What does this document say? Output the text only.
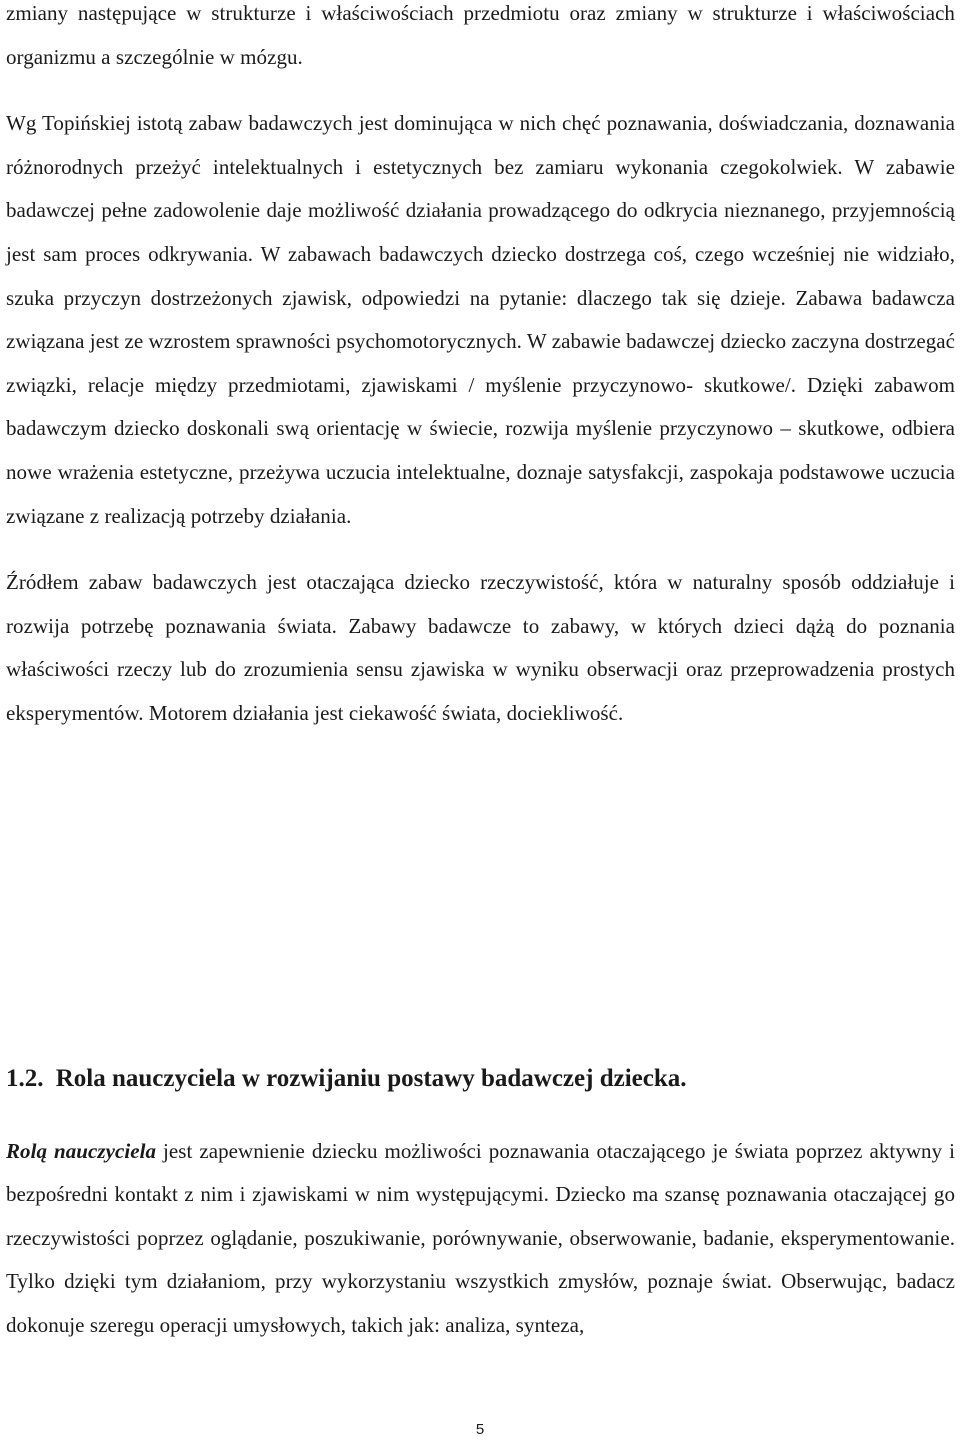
zmiany następujące w strukturze i właściwościach przedmiotu oraz zmiany w strukturze i właściwościach organizmu a szczególnie w mózgu.

Wg Topińskiej istotą zabaw badawczych jest dominująca w nich chęć poznawania, doświadczania, doznawania różnorodnych przeżyć intelektualnych i estetycznych bez zamiaru wykonania czegokolwiek. W zabawie badawczej pełne zadowolenie daje możliwość działania prowadzącego do odkrycia nieznanego, przyjemnością jest sam proces odkrywania. W zabawach badawczych dziecko dostrzega coś, czego wcześniej nie widziało, szuka przyczyn dostrzeżonych zjawisk, odpowiedzi na pytanie: dlaczego tak się dzieje. Zabawa badawcza związana jest ze wzrostem sprawności psychomotorycznych. W zabawie badawczej dziecko zaczyna dostrzegać związki, relacje między przedmiotami, zjawiskami / myślenie przyczynowo- skutkowe/. Dzięki zabawom badawczym dziecko doskonali swą orientację w świecie, rozwija myślenie przyczynowo – skutkowe, odbiera nowe wrażenia estetyczne, przeżywa uczucia intelektualne, doznaje satysfakcji, zaspokaja podstawowe uczucia związane z realizacją potrzeby działania.

Źródłem zabaw badawczych jest otaczająca dziecko rzeczywistość, która w naturalny sposób oddziałuje i rozwija potrzebę poznawania świata. Zabawy badawcze to zabawy, w których dzieci dążą do poznania właściwości rzeczy lub do zrozumienia sensu zjawiska w wyniku obserwacji oraz przeprowadzenia prostych eksperymentów. Motorem działania jest ciekawość świata, dociekliwość.

1.2. Rola nauczyciela w rozwijaniu postawy badawczej dziecka.

Rolą nauczyciela jest zapewnienie dziecku możliwości poznawania otaczającego je świata poprzez aktywny i bezpośredni kontakt z nim i zjawiskami w nim występującymi. Dziecko ma szansę poznawania otaczającej go rzeczywistości poprzez oglądanie, poszukiwanie, porównywanie, obserwowanie, badanie, eksperymentowanie. Tylko dzięki tym działaniom, przy wykorzystaniu wszystkich zmysłów, poznaje świat. Obserwując, badacz dokonuje szeregu operacji umysłowych, takich jak: analiza, synteza,

5
